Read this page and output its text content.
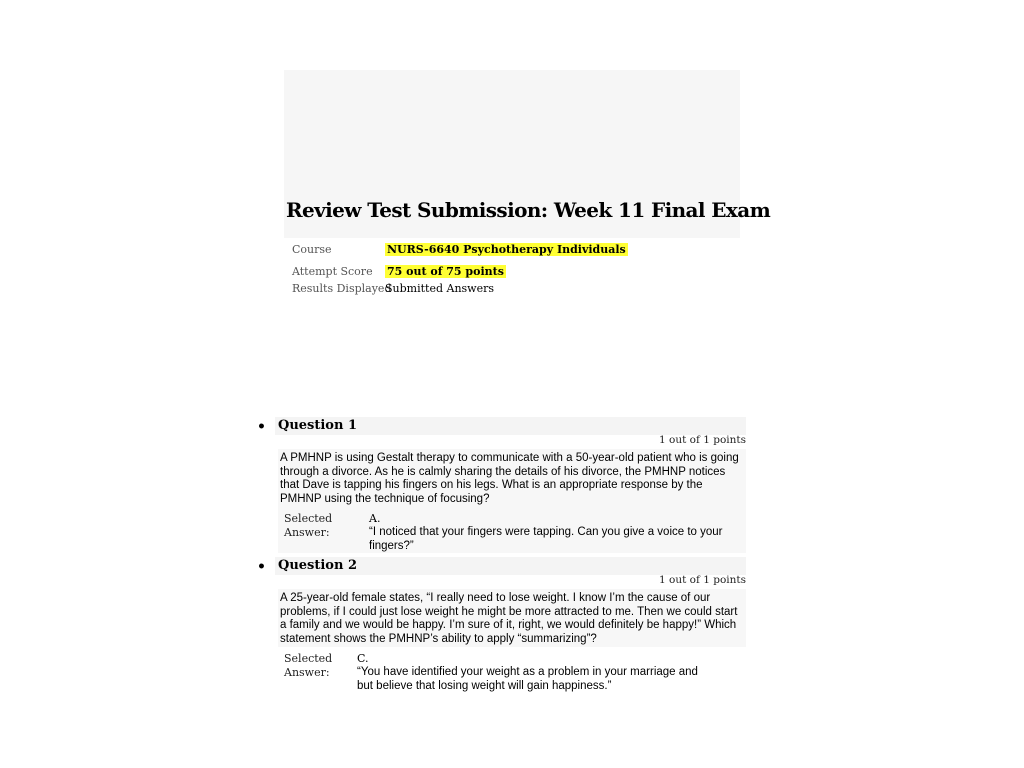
Review Test Submission: Week 11 Final Exam
Course	NURS-6640 Psychotherapy Individuals
Attempt Score 75 out of 75 points
Results Displayed
Submitted Answers
• Question 1
1 out of 1 points
A PMHNP is using Gestalt therapy to communicate with a 50-year-old patient who is going through a divorce. As he is calmly sharing the details of his divorce, the PMHNP notices that Dave is tapping his fingers on his legs. What is an appropriate response by the PMHNP using the technique of focusing?
Selected
Answer:
A.
“I noticed that your fingers were tapping. Can you give a voice to your fingers?”
• Question 2
1 out of 1 points
A 25-year-old female states, “I really need to lose weight. I know I’m the cause of our problems, if I could just lose weight he might be more attracted to me. Then we could start a family and we would be happy. I’m sure of it, right, we would definitely be happy!” Which statement shows the PMHNP’s ability to apply “summarizing”?
Selected
Answer:
C.
“You have identified your weight as a problem in your marriage and but believe that losing weight will gain happiness.”
